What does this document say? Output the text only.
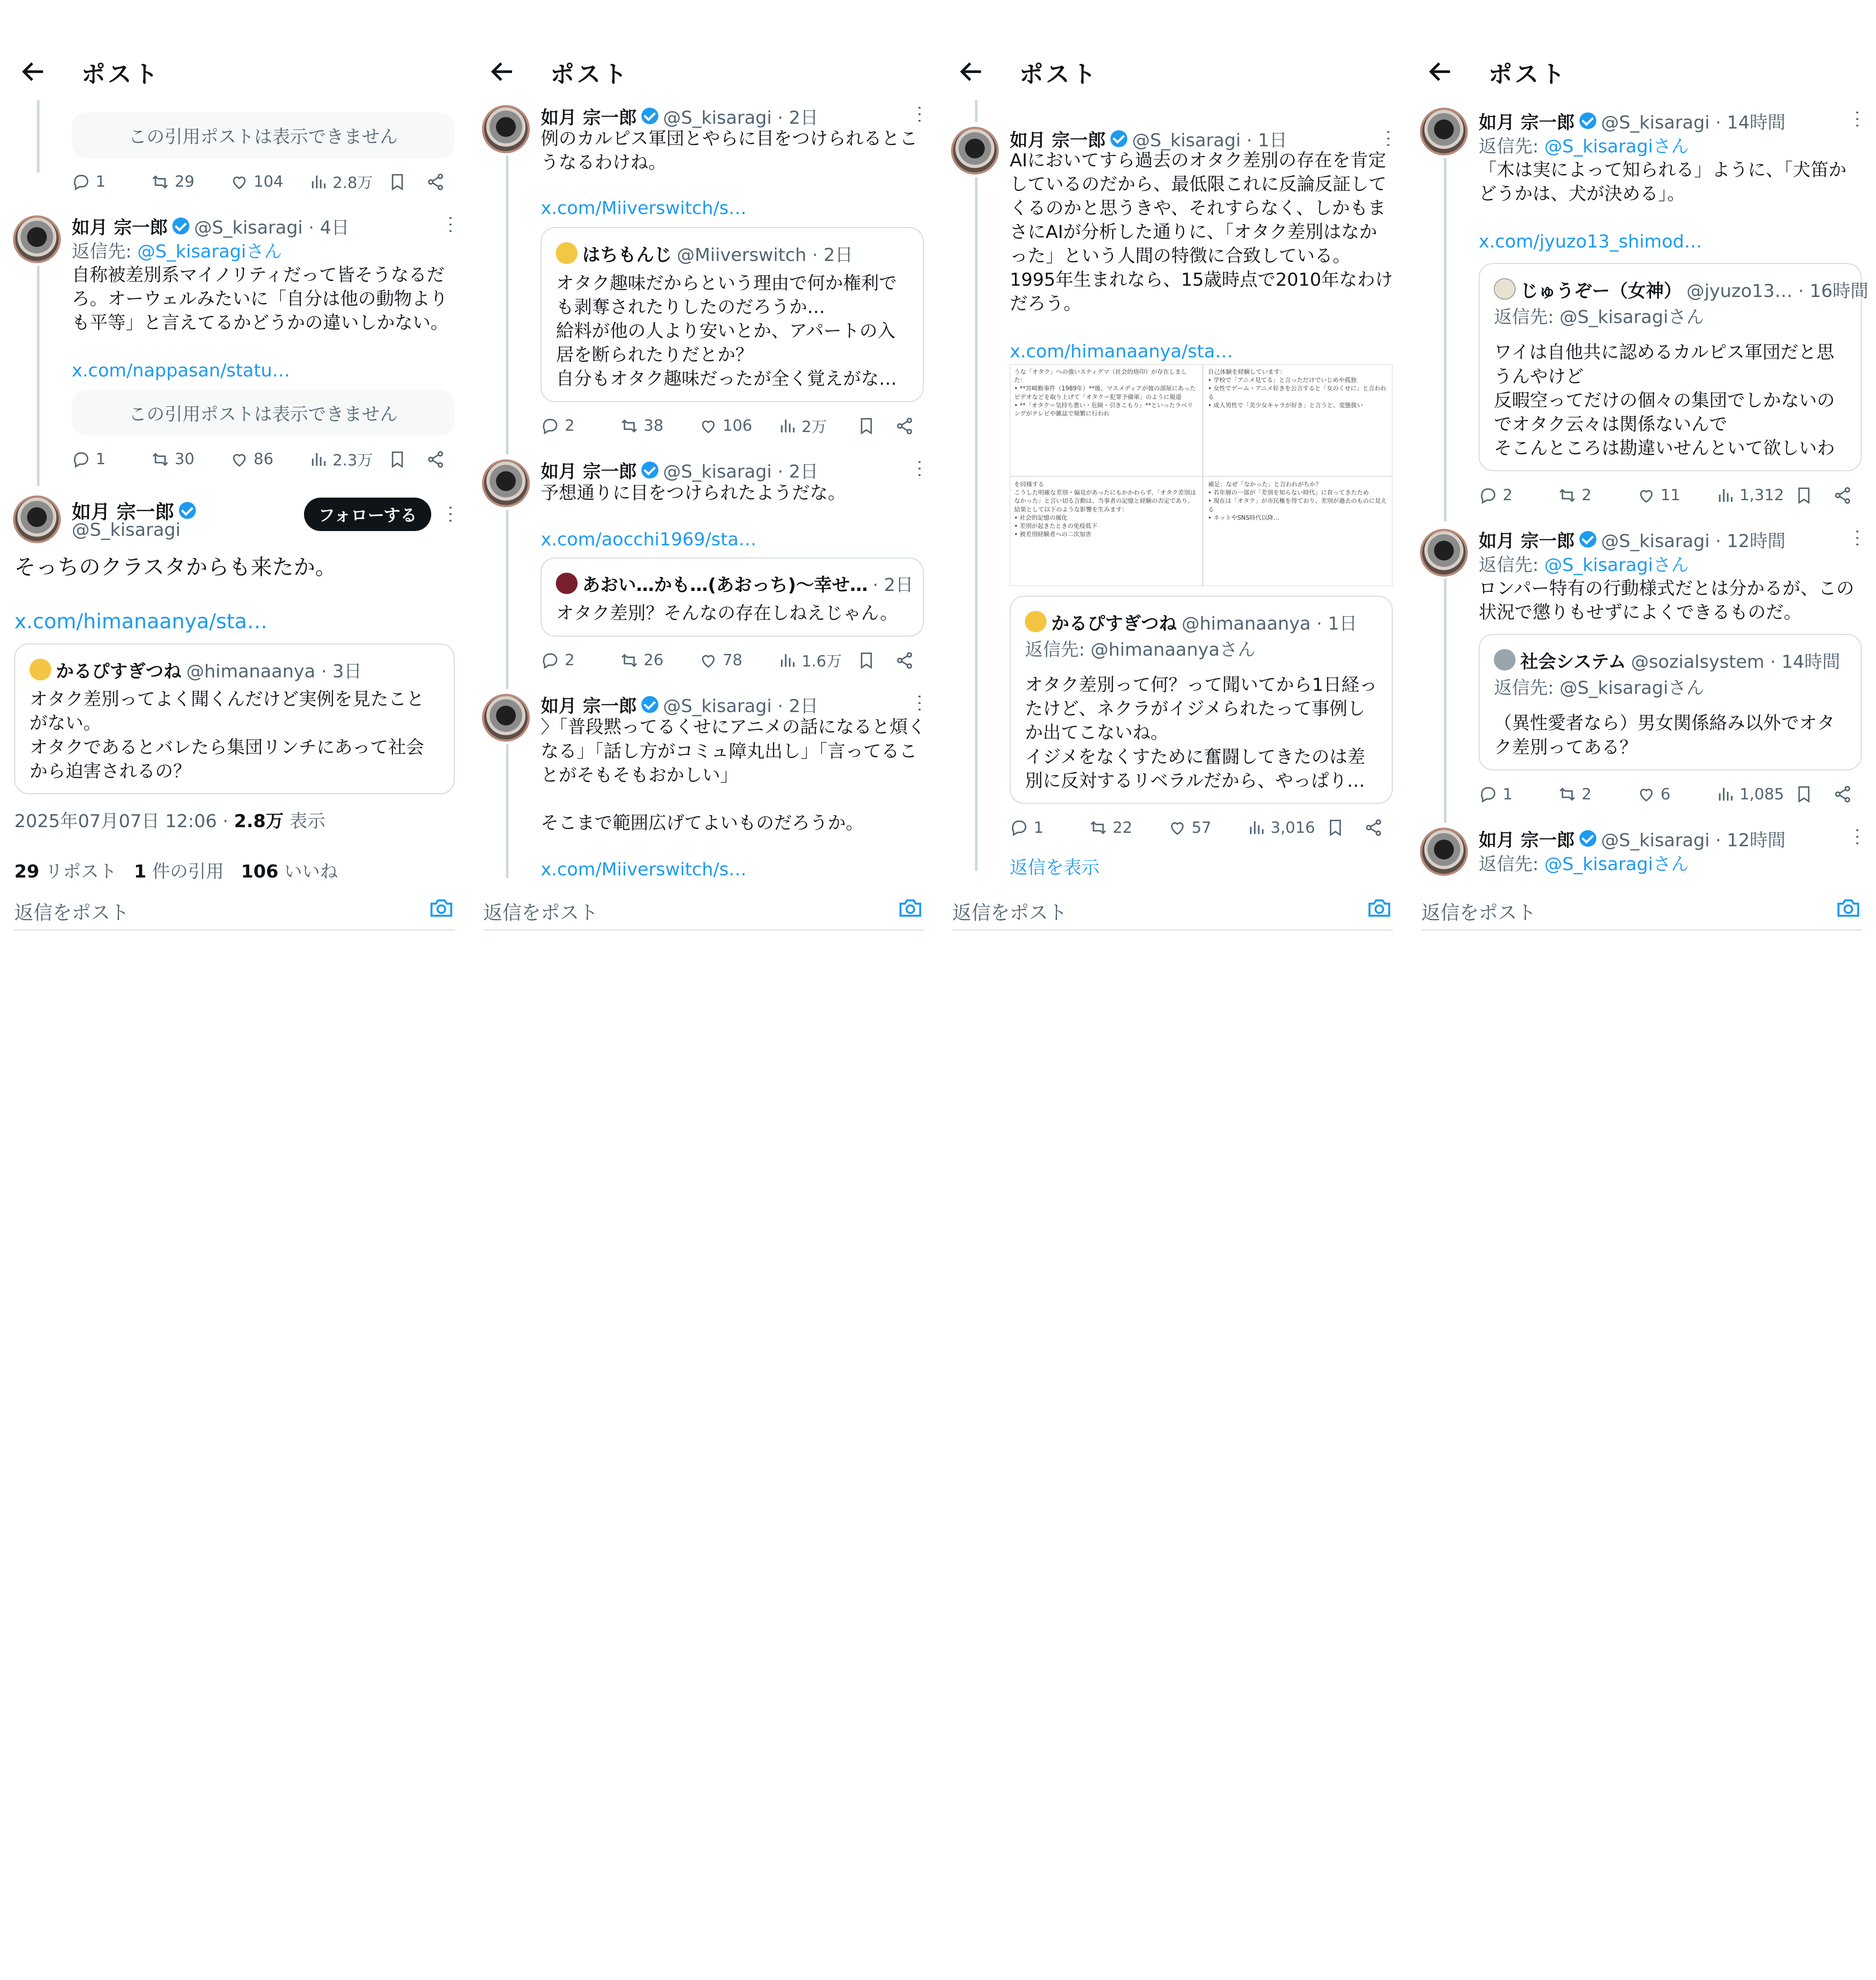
ポスト
この引用ポストは表示できません
1	29	104	2.8万
如月 宗一郎	@S_kisaragi · 4日	···
返信先: @S_kisaragiさん
自称被差別系マイノリティだって皆そうなるだろ。オーウェルみたいに「自分は他の動物よりも平等」と言えてるかどうかの違いしかない。
x.com/nappasan/statu…
この引用ポストは表示できません
1	30	86	2.3万
如月 宗一郎
@S_kisaragi
フォローする	···
そっちのクラスタからも来たか。
x.com/himanaanya/sta…
かるぴすぎつね @himanaanya · 3日
オタク差別ってよく聞くんだけど実例を見たことがない。
オタクであるとバレたら集団リンチにあって社会から迫害されるの？
2025年07月07日 12:06 · 2.8万 表示
29 リポスト	1 件の引用	106 いいね
返信をポスト
ポスト
如月 宗一郎	@S_kisaragi · 2日	···
例のカルピス軍団とやらに目をつけられるとこうなるわけね。
x.com/Miiverswitch/s…
はちもんじ @Miiverswitch · 2日
オタク趣味だからという理由で何か権利でも剥奪されたりしたのだろうか…
給料が他の人より安いとか、アパートの入居を断られたりだとか？
自分もオタク趣味だったが全く覚えがな…
2	38	106	2万
如月 宗一郎	@S_kisaragi · 2日	···
予想通りに目をつけられたようだな。
x.com/aocchi1969/sta…
あおい…かも…(あおっち)〜幸せ… · 2日
オタク差別？そんなの存在しねえじゃん。
2	26	78	1.6万
如月 宗一郎	@S_kisaragi · 2日	···
〉「普段黙ってるくせにアニメの話になると煩くなる」「話し方がコミュ障丸出し」「言ってることがそもそもおかしい」

そこまで範囲広げてよいものだろうか。
x.com/Miiverswitch/s…
返信をポスト
ポスト
如月 宗一郎	@S_kisaragi · 1日	···
AIにおいてすら過去のオタク差別の存在を肯定しているのだから、最低限これに反論反証してくるのかと思うきや、それすらなく、しかもまさにAIが分析した通りに、「オタク差別はなかった」という人間の特徴に合致している。
1995年生まれなら、15歳時点で2010年なわけだろう。
x.com/himanaanya/sta…
うな「オタク」への強いスティグマ（社会的烙印）が存在しました：
• **宮崎勤事件（1989年）**後、マスメディアが彼の部屋にあったビデオなどを取り上げて「オタク＝犯罪予備軍」のように報道
• **「オタク＝気持ち悪い・危険・引きこもり」**といったラベリングがテレビや雑誌で頻繁に行われ
自己体験を経験しています：
• 学校で「アニメ見てる」と言っただけでいじめや孤独
• 女性でゲーム・アニメ好きを公言すると「女のくせに」と言われる
• 成人男性で「美少女キャラが好き」と言うと、変態扱い
を同様する
こうした明確な差別・偏見があったにもかかわらず、「オタク差別はなかった」と言い切る言動は、当事者の記憶と経験の否定であり、結果として以下のような影響を生みます：
• 社会的記憶の風化
• 差別が起きたときの免疫低下
• 被差別経験者への二次加害
補足：なぜ「なかった」と言われがちか？
• 若年層の一部が「差別を知らない時代」に育ってきたため
• 現在は「オタク」が市民権を得ており、差別が過去のものに見える
• ネットやSNS時代以降…
かるぴすぎつね @himanaanya · 1日
返信先: @himanaanyaさん
オタク差別って何？って聞いてから1日経ったけど、ネクラがイジメられたって事例しか出てこないね。
イジメをなくすために奮闘してきたのは差別に反対するリベラルだから、やっぱり…
1	22	57	3,016
返信を表示
返信をポスト
ポスト
如月 宗一郎	@S_kisaragi · 14時間	···
返信先: @S_kisaragiさん
「木は実によって知られる」ように、「犬笛かどうかは、犬が決める」。
x.com/jyuzo13_shimod…
じゅうぞー（女神） @jyuzo13… · 16時間
返信先: @S_kisaragiさん
ワイは自他共に認めるカルピス軍団だと思うんやけど
反暇空ってだけの個々の集団でしかないのでオタク云々は関係ないんで
そこんところは勘違いせんといて欲しいわ
2	2	11	1,312
如月 宗一郎	@S_kisaragi · 12時間	···
返信先: @S_kisaragiさん
ロンパー特有の行動様式だとは分かるが、この状況で懲りもせずによくできるものだ。
社会システム @sozialsystem · 14時間
返信先: @S_kisaragiさん
（異性愛者なら）男女関係絡み以外でオタク差別ってある？
1	2	6	1,085
如月 宗一郎	@S_kisaragi · 12時間	···
返信先: @S_kisaragiさん
返信をポスト
